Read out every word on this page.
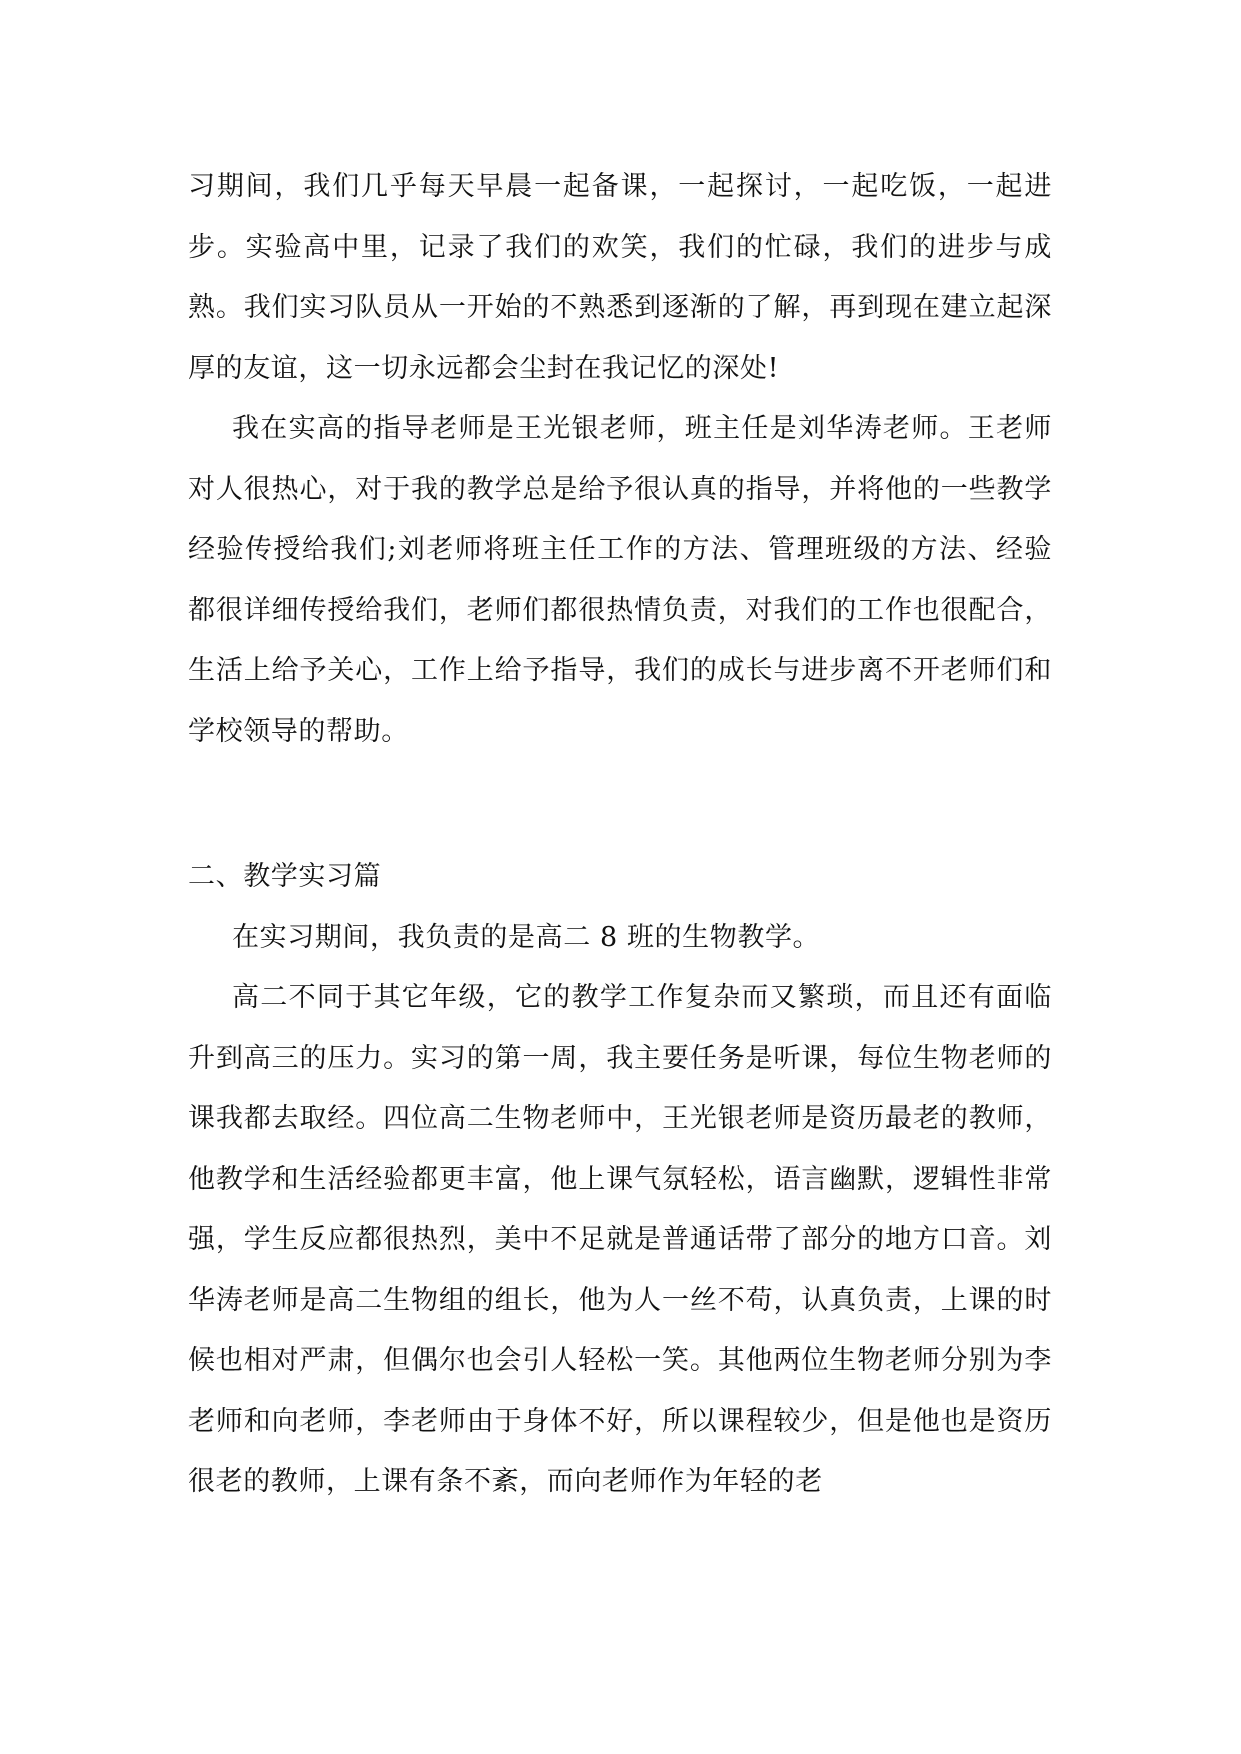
习期间，我们几乎每天早晨一起备课，一起探讨，一起吃饭，一起进步。实验高中里，记录了我们的欢笑，我们的忙碌，我们的进步与成熟。我们实习队员从一开始的不熟悉到逐渐的了解，再到现在建立起深厚的友谊，这一切永远都会尘封在我记忆的深处!

我在实高的指导老师是王光银老师，班主任是刘华涛老师。王老师对人很热心，对于我的教学总是给予很认真的指导，并将他的一些教学经验传授给我们;刘老师将班主任工作的方法、管理班级的方法、经验都很详细传授给我们，老师们都很热情负责，对我们的工作也很配合，生活上给予关心，工作上给予指导，我们的成长与进步离不开老师们和学校领导的帮助。

二、教学实习篇

在实习期间，我负责的是高二 8 班的生物教学。

高二不同于其它年级，它的教学工作复杂而又繁琐，而且还有面临升到高三的压力。实习的第一周，我主要任务是听课，每位生物老师的课我都去取经。四位高二生物老师中，王光银老师是资历最老的教师，他教学和生活经验都更丰富，他上课气氛轻松，语言幽默，逻辑性非常强，学生反应都很热烈，美中不足就是普通话带了部分的地方口音。刘华涛老师是高二生物组的组长，他为人一丝不苟，认真负责，上课的时候也相对严肃，但偶尔也会引人轻松一笑。其他两位生物老师分别为李老师和向老师，李老师由于身体不好，所以课程较少，但是他也是资历很老的教师，上课有条不紊，而向老师作为年轻的老
